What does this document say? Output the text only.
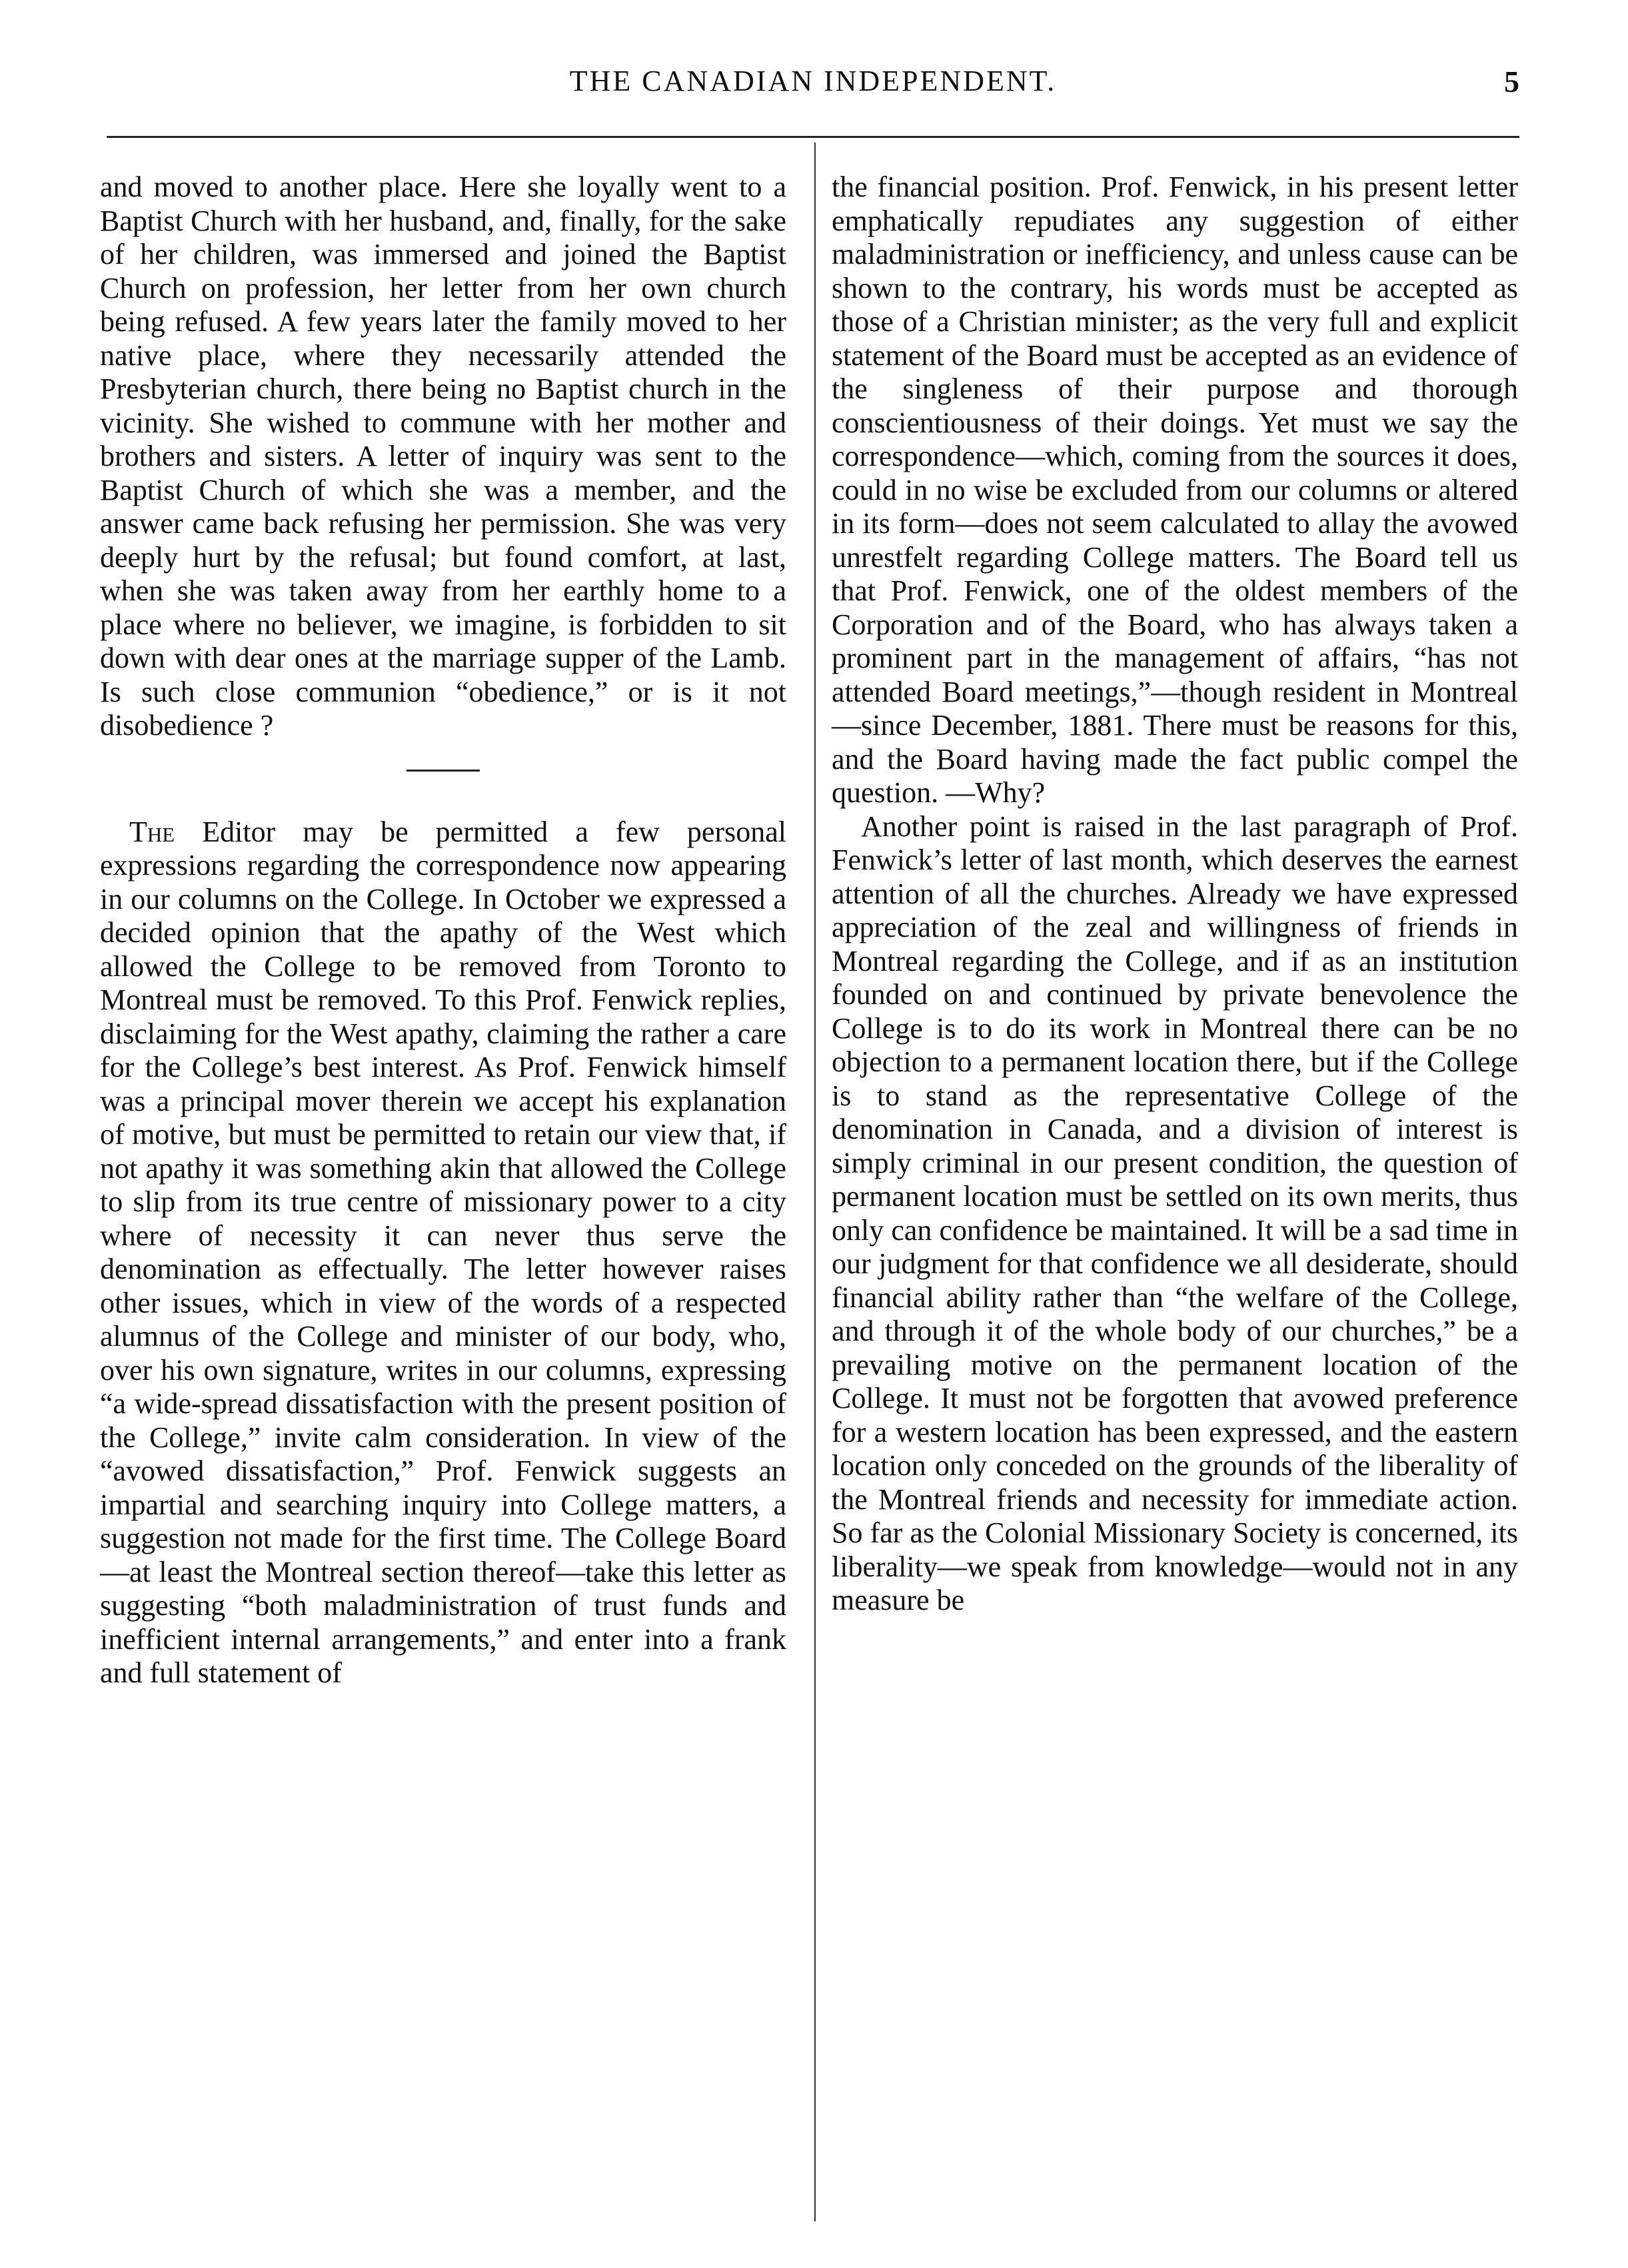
THE CANADIAN INDEPENDENT.	5

and moved to another place. Here she loyally went to a Baptist Church with her husband, and, finally, for the sake of her children, was immersed and joined the Baptist Church on profession, her letter from her own church being refused. A few years later the family moved to her native place, where they necessarily attended the Presbyterian church, there being no Baptist church in the vicinity. She wished to commune with her mother and brothers and sisters. A letter of inquiry was sent to the Baptist Church of which she was a member, and the answer came back refusing her permission. She was very deeply hurt by the refusal; but found comfort, at last, when she was taken away from her earthly home to a place where no believer, we imagine, is forbidden to sit down with dear ones at the marriage supper of the Lamb. Is such close communion “obedience,” or is it not disobedience ?

The Editor may be permitted a few personal expressions regarding the correspondence now appearing in our columns on the College. In October we expressed a decided opinion that the apathy of the West which allowed the College to be removed from Toronto to Montreal must be removed. To this Prof. Fenwick replies, disclaiming for the West apathy, claiming the rather a care for the College’s best interest. As Prof. Fenwick himself was a principal mover therein we accept his explanation of motive, but must be permitted to retain our view that, if not apathy it was something akin that allowed the College to slip from its true centre of missionary power to a city where of necessity it can never thus serve the denomination as effectually. The letter however raises other issues, which in view of the words of a respected alumnus of the College and minister of our body, who, over his own signature, writes in our columns, expressing “a wide-spread dissatisfaction with the present position of the College,” invite calm consideration. In view of the “avowed dissatisfaction,” Prof. Fenwick suggests an impartial and searching inquiry into College matters, a suggestion not made for the first time. The College Board—at least the Montreal section thereof—take this letter as suggesting “both maladministration of trust funds and inefficient internal arrangements,” and enter into a frank and full statement of

the financial position. Prof. Fenwick, in his present letter emphatically repudiates any suggestion of either maladministration or inefficiency, and unless cause can be shown to the contrary, his words must be accepted as those of a Christian minister; as the very full and explicit statement of the Board must be accepted as an evidence of the singleness of their purpose and thorough conscientiousness of their doings. Yet must we say the correspondence—which, coming from the sources it does, could in no wise be excluded from our columns or altered in its form—does not seem calculated to allay the avowed unrestfelt regarding College matters. The Board tell us that Prof. Fenwick, one of the oldest members of the Corporation and of the Board, who has always taken a prominent part in the management of affairs, “has not attended Board meetings,”—though resident in Montreal—since December, 1881. There must be reasons for this, and the Board having made the fact public compel the question. —Why?

Another point is raised in the last paragraph of Prof. Fenwick’s letter of last month, which deserves the earnest attention of all the churches. Already we have expressed appreciation of the zeal and willingness of friends in Montreal regarding the College, and if as an institution founded on and continued by private benevolence the College is to do its work in Montreal there can be no objection to a permanent location there, but if the College is to stand as the representative College of the denomination in Canada, and a division of interest is simply criminal in our present condition, the question of permanent location must be settled on its own merits, thus only can confidence be maintained. It will be a sad time in our judgment for that confidence we all desiderate, should financial ability rather than “the welfare of the College, and through it of the whole body of our churches,” be a prevailing motive on the permanent location of the College. It must not be forgotten that avowed preference for a western location has been expressed, and the eastern location only conceded on the grounds of the liberality of the Montreal friends and necessity for immediate action. So far as the Colonial Missionary Society is concerned, its liberality—we speak from knowledge—would not in any measure be
